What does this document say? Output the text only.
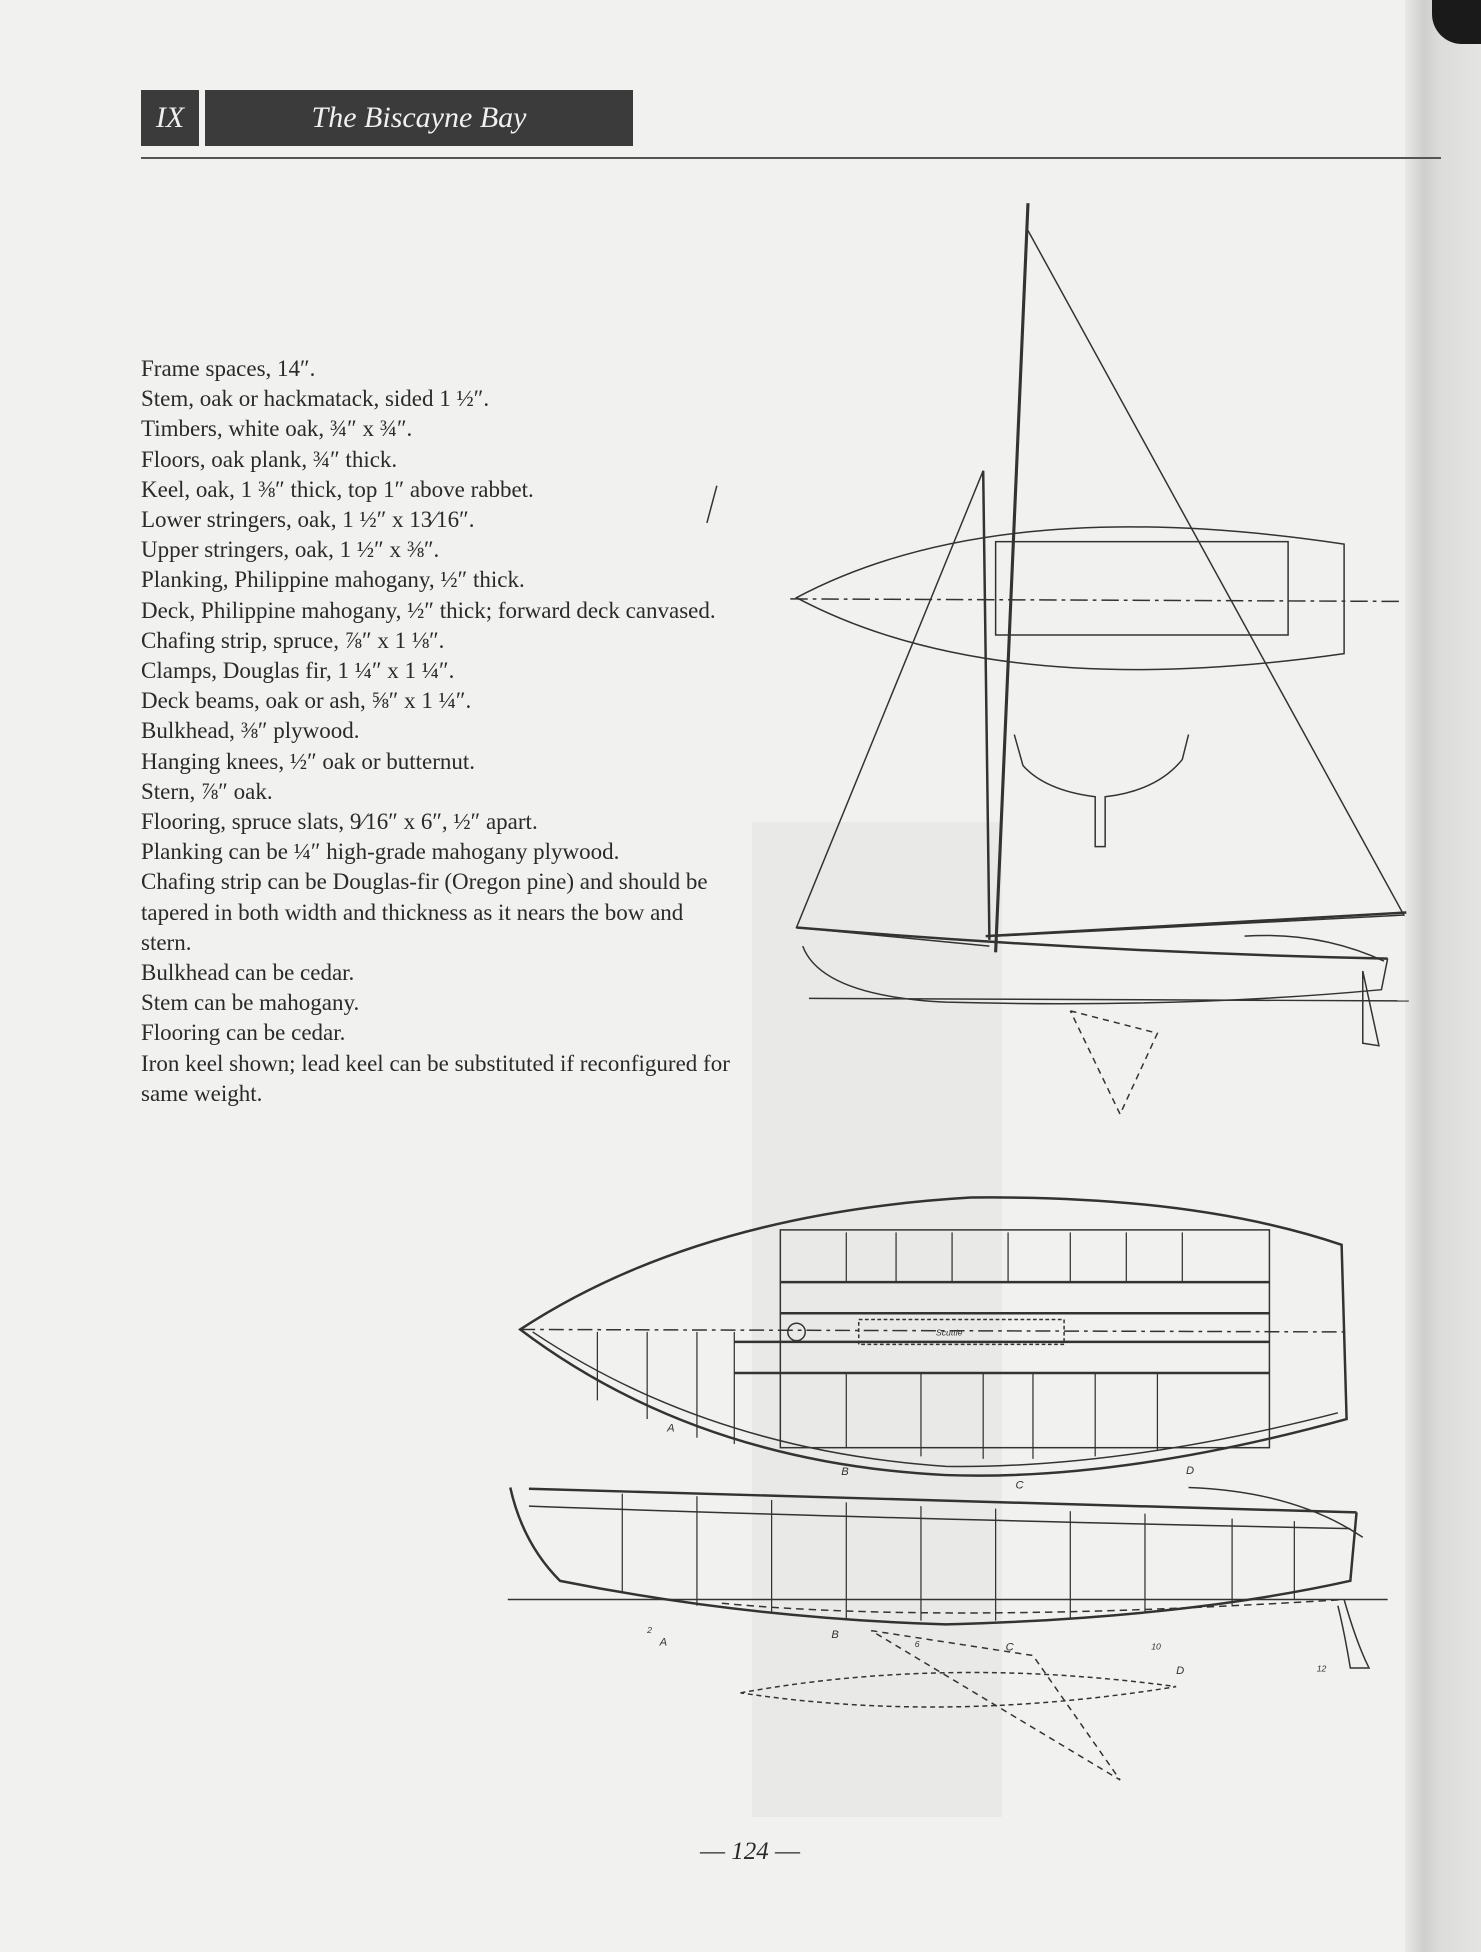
IX	The Biscayne Bay
Frame spaces, 14″.
Stem, oak or hackmatack, sided 1 ½″.
Timbers, white oak, ¾″ x ¾″.
Floors, oak plank, ¾″ thick.
Keel, oak, 1 ⅜″ thick, top 1″ above rabbet.
Lower stringers, oak, 1 ½″ x 13⁄16″.
Upper stringers, oak, 1 ½″ x ⅜″.
Planking, Philippine mahogany, ½″ thick.
Deck, Philippine mahogany, ½″ thick; forward deck canvased.
Chafing strip, spruce, ⅞″ x 1 ⅛″.
Clamps, Douglas fir, 1 ¼″ x 1 ¼″.
Deck beams, oak or ash, ⅝″ x 1 ¼″.
Bulkhead, ⅜″ plywood.
Hanging knees, ½″ oak or butternut.
Stern, ⅞″ oak.
Flooring, spruce slats, 9⁄16″ x 6″, ½″ apart.
Planking can be ¼″ high-grade mahogany plywood.
Chafing strip can be Douglas-fir (Oregon pine) and should be tapered in both width and thickness as it nears the bow and stern.
Bulkhead can be cedar.
Stem can be mahogany.
Flooring can be cedar.
Iron keel shown; lead keel can be substituted if reconfigured for same weight.
A
B
C
D
Scuttle
A
B
C
D
2
6	10
12
— 124 —
